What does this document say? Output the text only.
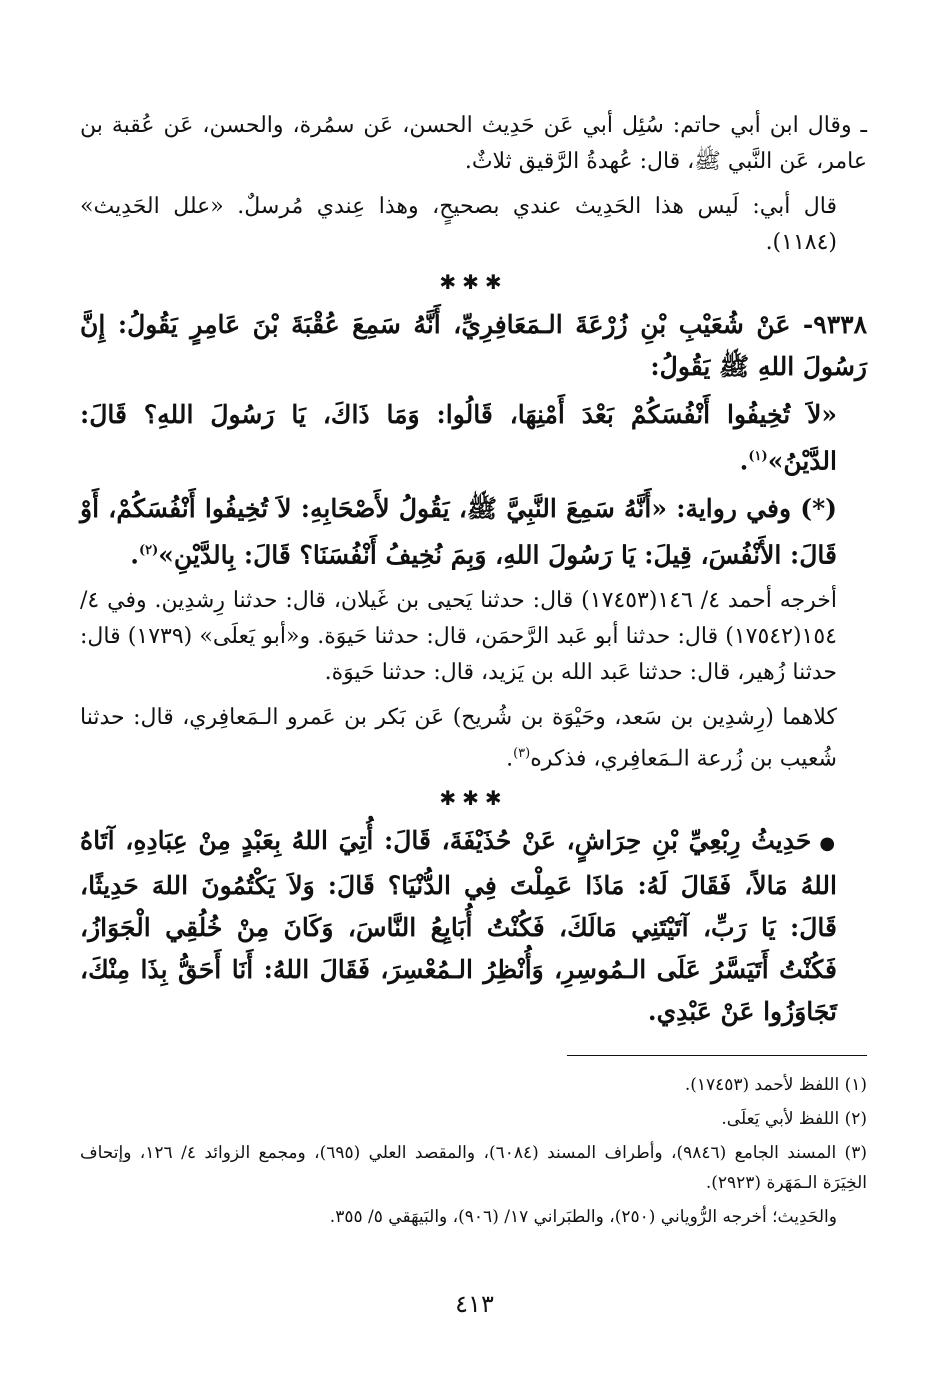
ـ وقال ابن أبي حاتم: سُئِل أبي عَن حَدِيث الحسن، عَن سمُرة، والحسن، عَن عُقبة بن عامر، عَن النَّبي ﷺ، قال: عُهدةُ الرَّقيق ثلاثٌ.

قال أبي: لَيس هذا الحَدِيث عندي بصحيحٍ، وهذا عِندي مُرسلٌ. «علل الحَدِيث» (١١٨٤).

✱✱✱

٩٣٣٨- عَنْ شُعَيْبِ بْنِ زُرْعَةَ الـمَعَافِرِيِّ، أَنَّهُ سَمِعَ عُقْبَةَ بْنَ عَامِرٍ يَقُولُ: إِنَّ رَسُولَ اللهِ ﷺ يَقُولُ:

«لاَ تُخِيفُوا أَنْفُسَكُمْ بَعْدَ أَمْنِهَا، قَالُوا: وَمَا ذَاكَ، يَا رَسُولَ اللهِ؟ قَالَ: الدَّيْنُ»$^{(١)}$.

(*) وفي رواية: «أَنَّهُ سَمِعَ النَّبِيَّ ﷺ، يَقُولُ لأَصْحَابِهِ: لاَ تُخِيفُوا أَنْفُسَكُمْ، أَوْ قَالَ: الأَنْفُسَ، قِيلَ: يَا رَسُولَ اللهِ، وَبِمَ نُخِيفُ أَنْفُسَنَا؟ قَالَ: بِالدَّيْنِ»$^{(٢)}$.

أخرجه أحمد ٤/ ١٤٦(١٧٤٥٣) قال: حدثنا يَحيى بن غَيلان، قال: حدثنا رِشدِين. وفي ٤/ ١٥٤(١٧٥٤٢) قال: حدثنا أبو عَبد الرَّحمَن، قال: حدثنا حَيوَة. و«أبو يَعلَى» (١٧٣٩) قال: حدثنا زُهير، قال: حدثنا عَبد الله بن يَزيد، قال: حدثنا حَيوَة.

كلاهما (رِشدِين بن سَعد، وحَيْوَة بن شُريح) عَن بَكر بن عَمرو الـمَعافِري، قال: حدثنا شُعيب بن زُرعة الـمَعافِري، فذكره$^{(٣)}$.

✱✱✱

●حَدِيثُ رِبْعِيِّ بْنِ حِرَاشٍ، عَنْ حُذَيْفَةَ، قَالَ: أُتِيَ اللهُ بِعَبْدٍ مِنْ عِبَادِهِ، آتَاهُ اللهُ مَالاً، فَقَالَ لَهُ: مَاذَا عَمِلْتَ فِي الدُّنْيَا؟ قَالَ: وَلاَ يَكْتُمُونَ اللهَ حَدِيثًا، قَالَ: يَا رَبِّ، آتَيْتَنِي مَالَكَ، فَكُنْتُ أُبَايِعُ النَّاسَ، وَكَانَ مِنْ خُلُقِي الْجَوَازُ، فَكُنْتُ أَتَيَسَّرُ عَلَى الـمُوسِرِ، وَأُنْظِرُ الـمُعْسِرَ، فَقَالَ اللهُ: أَنَا أَحَقُّ بِذَا مِنْكَ، تَجَاوَزُوا عَنْ عَبْدِي.

(١) اللفظ لأحمد (١٧٤٥٣).

(٢) اللفظ لأبي يَعلَى.

(٣) المسند الجامع (٩٨٤٦)، وأطراف المسند (٦٠٨٤)، والمقصد العلي (٦٩٥)، ومجمع الزوائد ٤/ ١٢٦، وإتحاف الخِيَرَة الـمَهَرة (٢٩٢٣).

والحَدِيث؛ أخرجه الرُّوياني (٢٥٠)، والطبَراني ١٧/ (٩٠٦)، والبَيهَقي ٥/ ٣٥٥.

٤١٣
